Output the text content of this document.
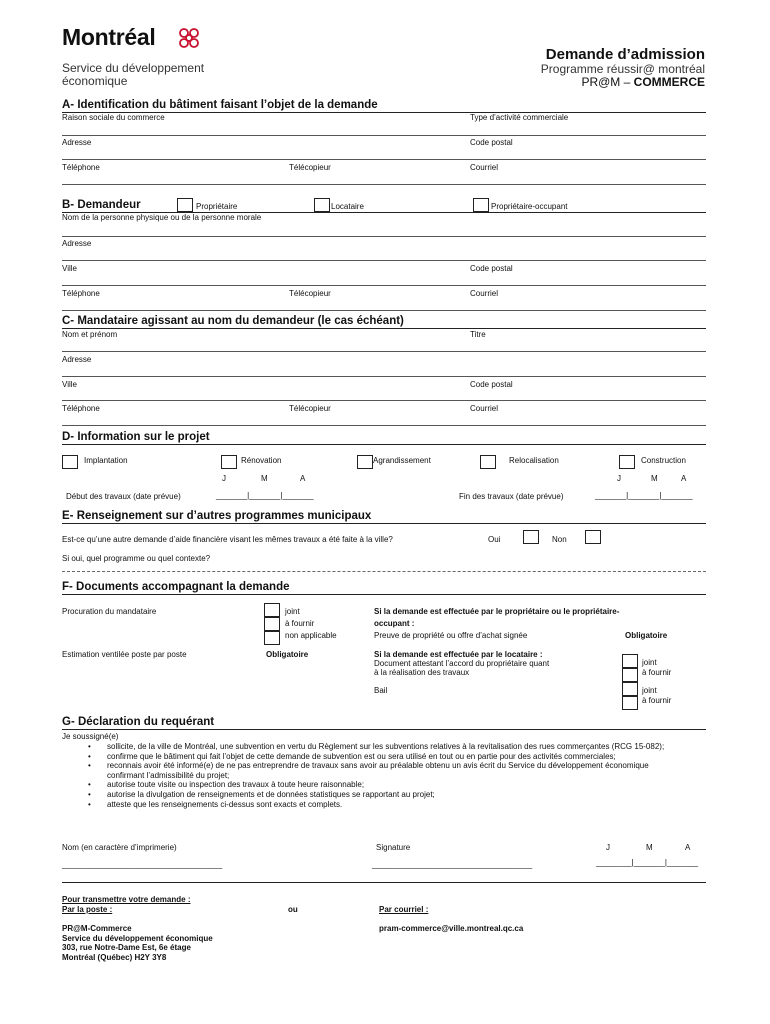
Montréal
Service du développement
économique
Demande d’admission
Programme réussir@ montréal
PR@M – COMMERCE
A- Identification du bâtiment faisant l’objet de la demande
Raison sociale du commerce	Type d’activité commerciale
Adresse	Code postal
Téléphone	Télécopieur	Courriel
B- Demandeur	Propriétaire	Locataire	Propriétaire-occupant
Nom de la personne physique ou de la personne morale
Adresse
Ville	Code postal
Téléphone	Télécopieur	Courriel
C- Mandataire agissant au nom du demandeur (le cas échéant)
Nom et prénom	Titre
Adresse
Ville	Code postal
Téléphone	Télécopieur	Courriel
D- Information sur le projet
Implantation	Rénovation	Agrandissement	Relocalisation	Construction
J	M	A	J	M	A
Début des travaux (date prévue)	_______|_______|_______	Fin des travaux (date prévue)	_______|_______|_______
E- Renseignement sur d’autres programmes municipaux
Est-ce qu’une autre demande d’aide financière visant les mêmes travaux a été faite à la ville?	Oui	Non
Si oui, quel programme ou quel contexte?
F- Documents accompagnant la demande
Procuration du mandataire	joint
à fournir
non applicable
Si la demande est effectuée par le propriétaire ou le propriétaire-
occupant :
Preuve de propriété ou offre d’achat signée	Obligatoire
Estimation ventilée poste par poste	Obligatoire	Si la demande est effectuée par le locataire :
Document attestant l’accord du propriétaire quant
à la réalisation des travaux
joint
à fournir
Bail	joint
à fournir
G- Déclaration du requérant
Je soussigné(e)
• sollicite, de la ville de Montréal, une subvention en vertu du Règlement sur les subventions relatives à la revitalisation des rues commerçantes (RCG 15-082);
• confirme que le bâtiment qui fait l’objet de cette demande de subvention est ou sera utilisé en tout ou en partie pour des activités commerciales;
• reconnais avoir été informé(e) de ne pas entreprendre de travaux sans avoir au préalable obtenu un avis écrit du Service du développement économique confirmant l’admissibilité du projet;
• autorise toute visite ou inspection des travaux à toute heure raisonnable;
• autorise la divulgation de renseignements et de données statistiques se rapportant au projet;
• atteste que les renseignements ci-dessus sont exacts et complets.
Nom (en caractère d’imprimerie)	Signature	J	M	A
____________________________________	____________________________________	________|_______|_______
Pour transmettre votre demande :
Par la poste :	ou	Par courriel :
PR@M-Commerce
Service du développement économique
303, rue Notre-Dame Est, 6e étage
Montréal (Québec) H2Y 3Y8
pram-commerce@ville.montreal.qc.ca
